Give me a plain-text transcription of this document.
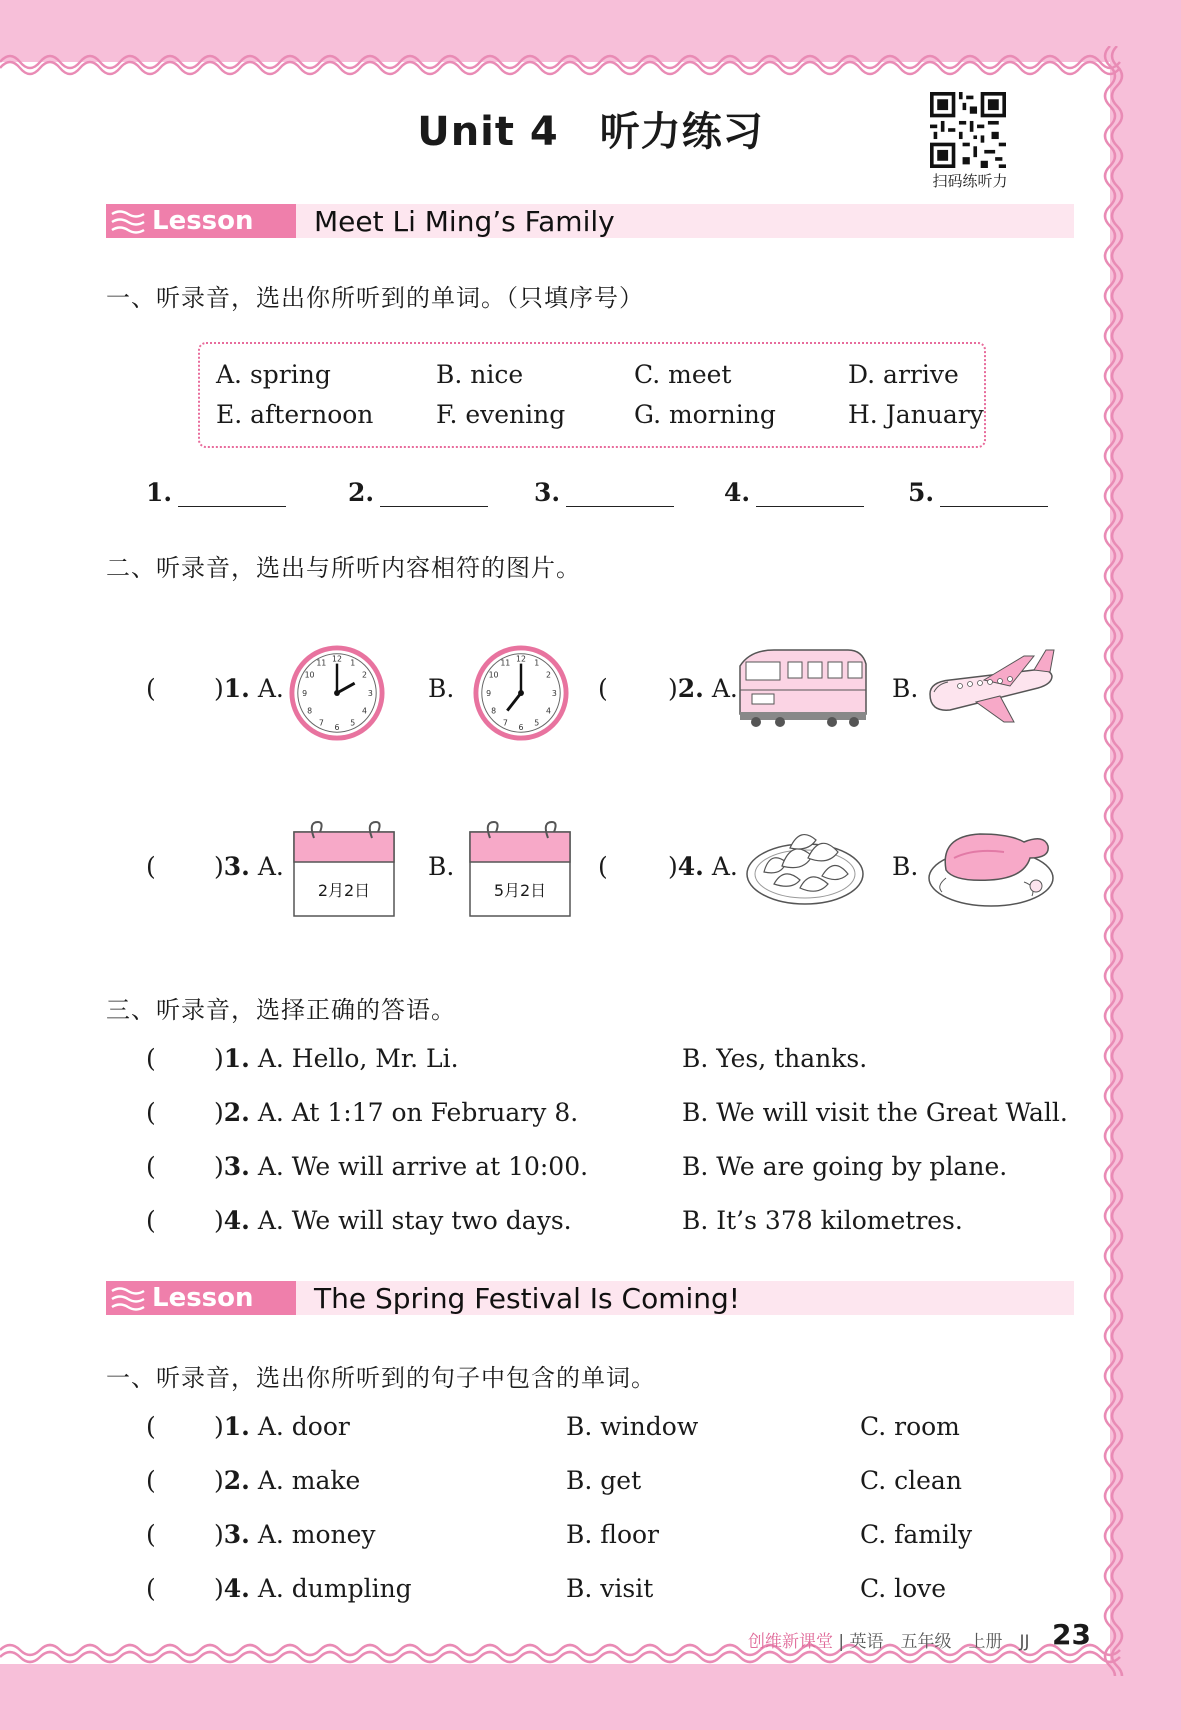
Unit 4　听力练习
扫码练听力
Lesson 19
Meet Li Ming’s Family
一、听录音，选出你所听到的单词。（只填序号）
A. spring	B. nice	C. meet	D. arrive
E. afternoon	F. evening	G. morning	H. January
1.	2.	3.	4.	5.
二、听录音，选出与所听内容相符的图片。
( )1. A.
12 1
2
3
4
5
6
7
8
9
10
11
B.
12 1
2
3
4
5
6
7
8
9
10
11
( )2. A.	B.
( )3. A.
2月2日
B.
5月2日
( )4. A.	B.
三、听录音，选择正确的答语。
( )1. A. Hello, Mr. Li.	B. Yes, thanks.
( )2. A. At 1:17 on February 8.	B. We will visit the Great Wall.
( )3. A. We will arrive at 10:00.	B. We are going by plane.
( )4. A. We will stay two days.	B. It’s 378 kilometres.
Lesson 20
The Spring Festival Is Coming!
一、听录音，选出你所听到的句子中包含的单词。
( )1. A. door	B. window	C. room
( )2. A. make	B. get	C. clean
( )3. A. money	B. floor	C. family
( )4. A. dumpling	B. visit	C. love
创维新课堂 | 英语　五年级　上册　JJ 23
